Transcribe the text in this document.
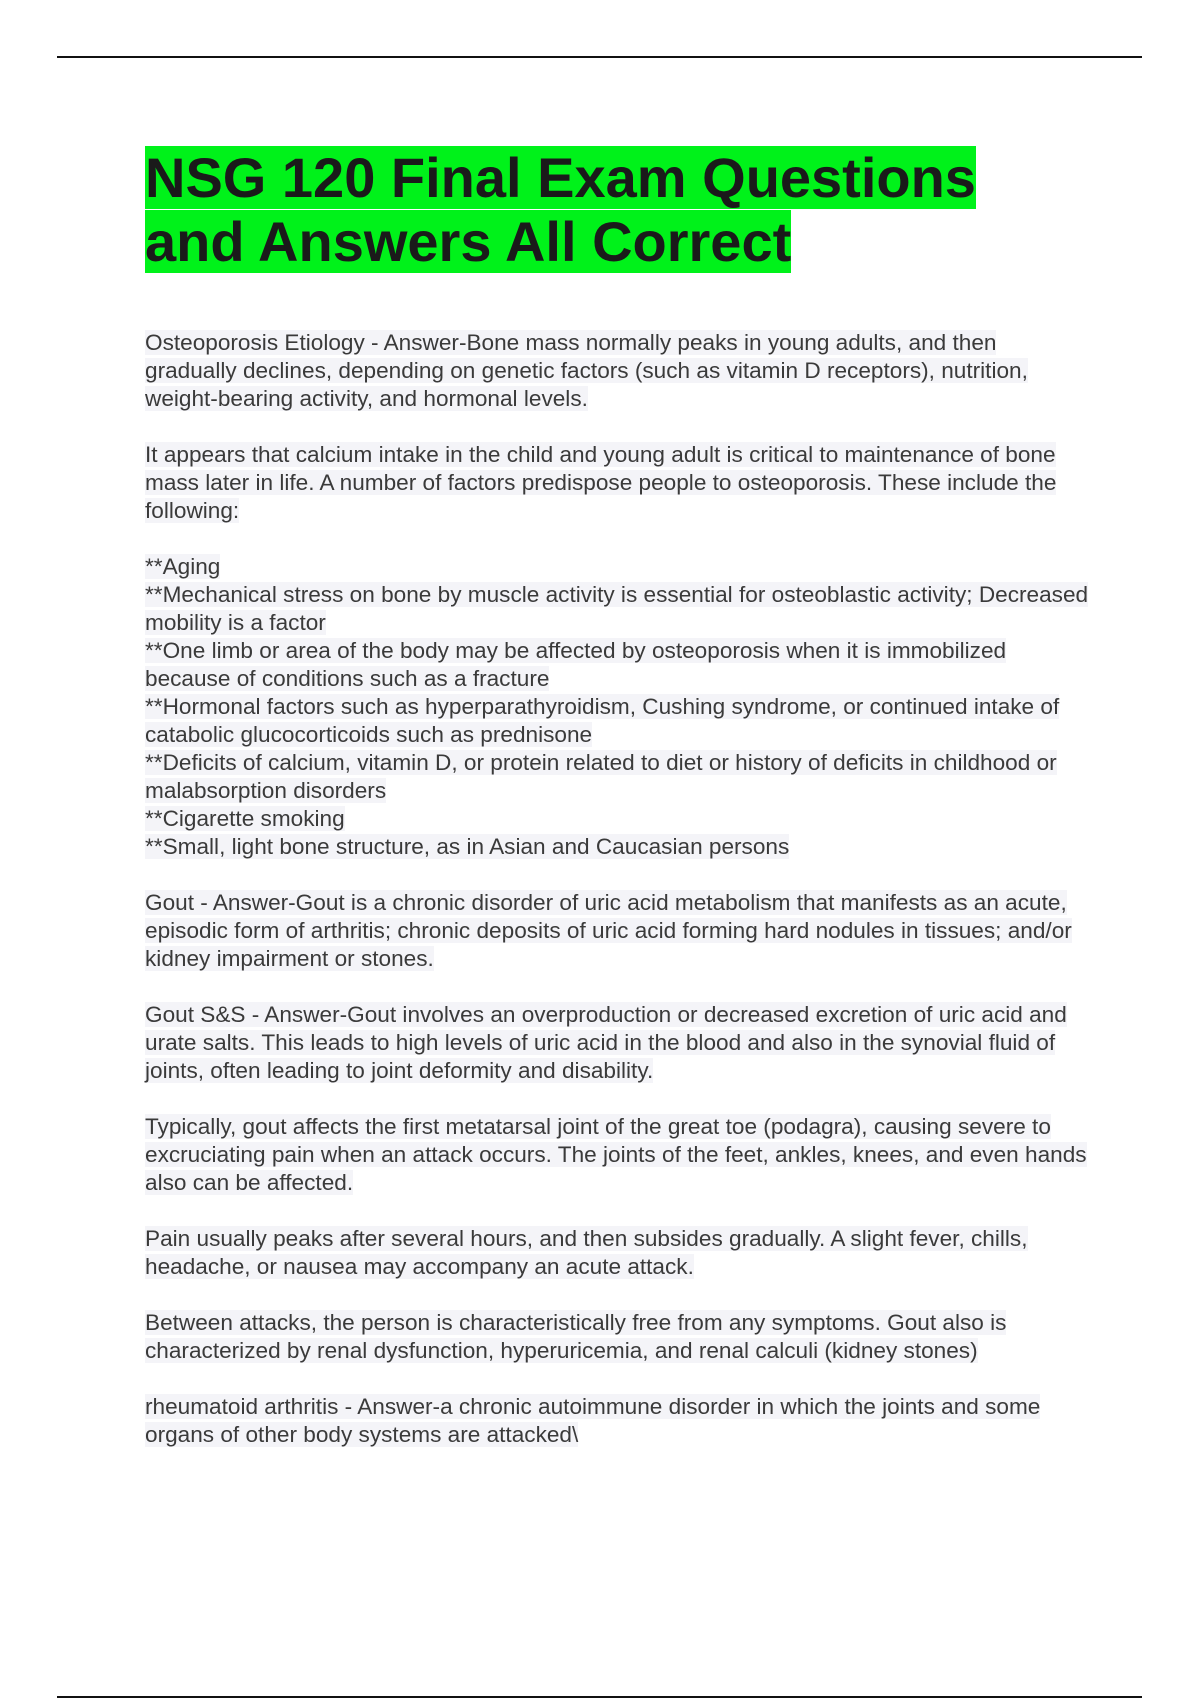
NSG 120 Final Exam Questions and Answers All Correct

Osteoporosis Etiology - Answer-Bone mass normally peaks in young adults, and then gradually declines, depending on genetic factors (such as vitamin D receptors), nutrition, weight-bearing activity, and hormonal levels.

It appears that calcium intake in the child and young adult is critical to maintenance of bone mass later in life. A number of factors predispose people to osteoporosis. These include the following:

**Aging
**Mechanical stress on bone by muscle activity is essential for osteoblastic activity; Decreased mobility is a factor
**One limb or area of the body may be affected by osteoporosis when it is immobilized because of conditions such as a fracture
**Hormonal factors such as hyperparathyroidism, Cushing syndrome, or continued intake of catabolic glucocorticoids such as prednisone
**Deficits of calcium, vitamin D, or protein related to diet or history of deficits in childhood or malabsorption disorders
**Cigarette smoking
**Small, light bone structure, as in Asian and Caucasian persons

Gout - Answer-Gout is a chronic disorder of uric acid metabolism that manifests as an acute, episodic form of arthritis; chronic deposits of uric acid forming hard nodules in tissues; and/or kidney impairment or stones.

Gout S&S - Answer-Gout involves an overproduction or decreased excretion of uric acid and urate salts. This leads to high levels of uric acid in the blood and also in the synovial fluid of joints, often leading to joint deformity and disability.

Typically, gout affects the first metatarsal joint of the great toe (podagra), causing severe to excruciating pain when an attack occurs. The joints of the feet, ankles, knees, and even hands also can be affected.

Pain usually peaks after several hours, and then subsides gradually. A slight fever, chills, headache, or nausea may accompany an acute attack.

Between attacks, the person is characteristically free from any symptoms. Gout also is characterized by renal dysfunction, hyperuricemia, and renal calculi (kidney stones)

rheumatoid arthritis - Answer-a chronic autoimmune disorder in which the joints and some organs of other body systems are attacked\
